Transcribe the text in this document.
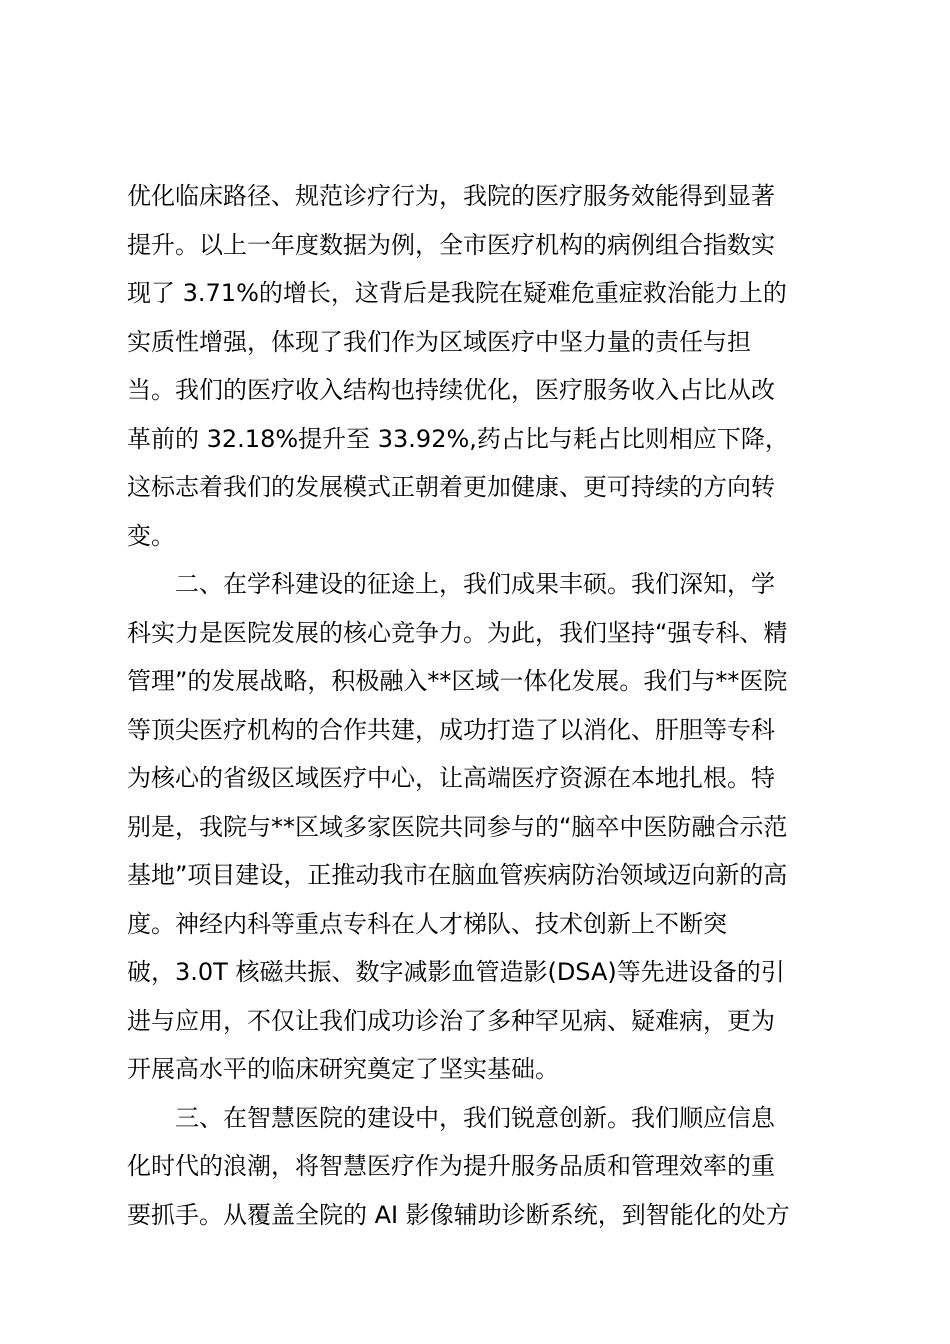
优化临床路径、规范诊疗行为，我院的医疗服务效能得到显著
提升。以上一年度数据为例，全市医疗机构的病例组合指数实
现了 3.71%的增长，这背后是我院在疑难危重症救治能力上的
实质性增强，体现了我们作为区域医疗中坚力量的责任与担
当。我们的医疗收入结构也持续优化，医疗服务收入占比从改
革前的 32.18%提升至 33.92%,药占比与耗占比则相应下降，
这标志着我们的发展模式正朝着更加健康、更可持续的方向转
变。
二、在学科建设的征途上，我们成果丰硕。我们深知，学
科实力是医院发展的核心竞争力。为此，我们坚持“强专科、精
管理”的发展战略，积极融入**区域一体化发展。我们与**医院
等顶尖医疗机构的合作共建，成功打造了以消化、肝胆等专科
为核心的省级区域医疗中心，让高端医疗资源在本地扎根。特
别是，我院与**区域多家医院共同参与的“脑卒中医防融合示范
基地”项目建设，正推动我市在脑血管疾病防治领域迈向新的高
度。神经内科等重点专科在人才梯队、技术创新上不断突
破，3.0T 核磁共振、数字减影血管造影(DSA)等先进设备的引
进与应用，不仅让我们成功诊治了多种罕见病、疑难病，更为
开展高水平的临床研究奠定了坚实基础。
三、在智慧医院的建设中，我们锐意创新。我们顺应信息
化时代的浪潮，将智慧医疗作为提升服务品质和管理效率的重
要抓手。从覆盖全院的 AI 影像辅助诊断系统，到智能化的处方
